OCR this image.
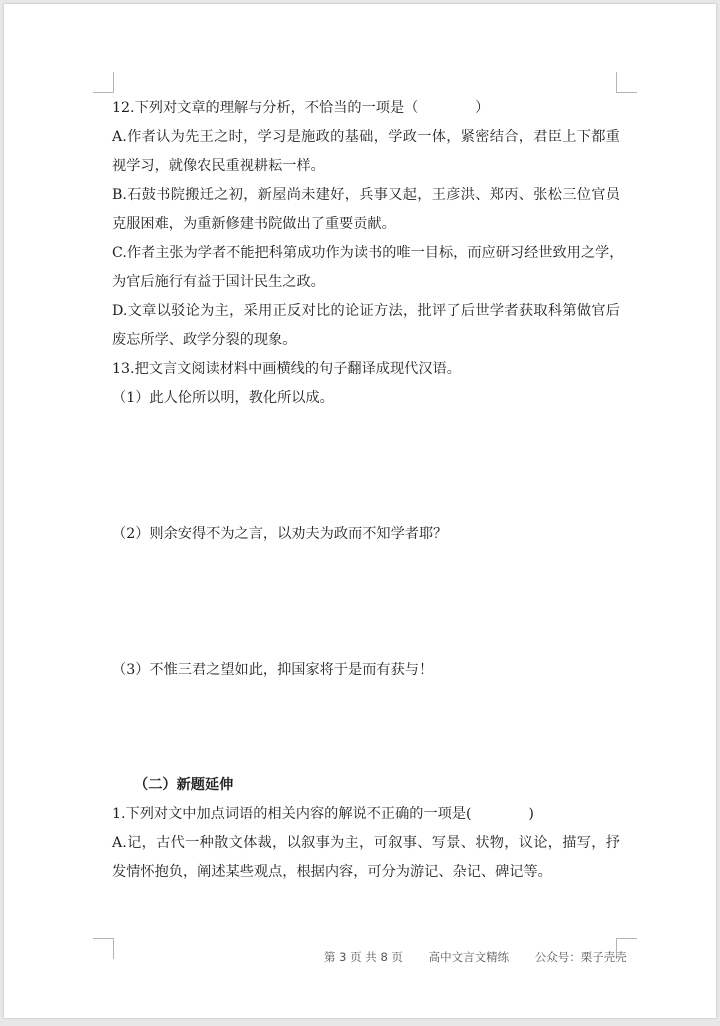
12.下列对文章的理解与分析，不恰当的一项是（　　　　）
A.作者认为先王之时，学习是施政的基础，学政一体，紧密结合，君臣上下都重
视学习，就像农民重视耕耘一样。
B.石鼓书院搬迁之初，新屋尚未建好，兵事又起，王彦洪、郑丙、张松三位官员
克服困难，为重新修建书院做出了重要贡献。
C.作者主张为学者不能把科第成功作为读书的唯一目标，而应研习经世致用之学，
为官后施行有益于国计民生之政。
D.文章以驳论为主，采用正反对比的论证方法，批评了后世学者获取科第做官后
废忘所学、政学分裂的现象。
13.把文言文阅读材料中画横线的句子翻译成现代汉语。
（1）此人伦所以明，教化所以成。
（2）则余安得不为之言，以劝夫为政而不知学者耶？
（3）不惟三君之望如此，抑国家将于是而有获与！
（二）新题延伸
1.下列对文中加点词语的相关内容的解说不正确的一项是(　　　　)
A.记，古代一种散文体裁，以叙事为主，可叙事、写景、状物，议论，描写，抒
发情怀抱负，阐述某些观点，根据内容，可分为游记、杂记、碑记等。
第 3 页 共 8 页 高中文言文精练 公众号：栗子壳壳
